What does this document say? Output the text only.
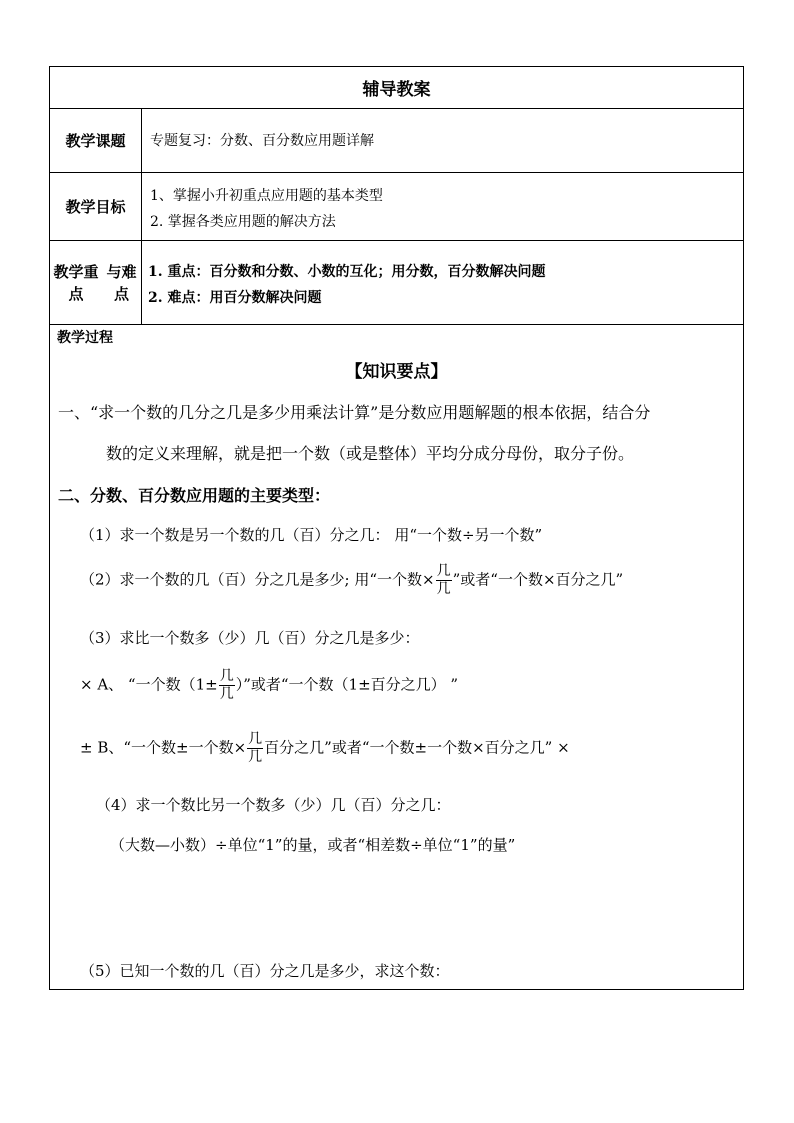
辅导教案
教学课题	专题复习：分数、百分数应用题详解
教学目标
1、掌握小升初重点应用题的基本类型
2. 掌握各类应用题的解决方法
教学重点

与难点
1. 重点：百分数和分数、小数的互化；用分数，百分数解决问题
2. 难点：用百分数解决问题
教学过程
【知识要点】
一、“求一个数的几分之几是多少用乘法计算”是分数应用题解题的根本依据，结合分
数的定义来理解，就是把一个数（或是整体）平均分成分母份，取分子份。
二、分数、百分数应用题的主要类型：
（1）求一个数是另一个数的几（百）分之几： 用“一个数÷另一个数”
（2）求一个数的几（百）分之几是多少; 用“一个数× $\frac{\text{几}}{\text{几}}$ ”或者“一个数×百分之几”
（3）求比一个数多（少）几（百）分之几是多少：
× A、 “一个数（$1\pm \frac{\text{几}}{\text{几}}$ ）”或者“一个数（1±百分之几） ”
± B、“一个数±一个数× $\frac{\text{几}}{\text{几}}$ 百分之几”或者“一个数±一个数×百分之几” ×
（4）求一个数比另一个数多（少）几（百）分之几：
（大数—小数）÷单位“1”的量，或者“相差数÷单位“1”的量”
（5）已知一个数的几（百）分之几是多少，求这个数：
